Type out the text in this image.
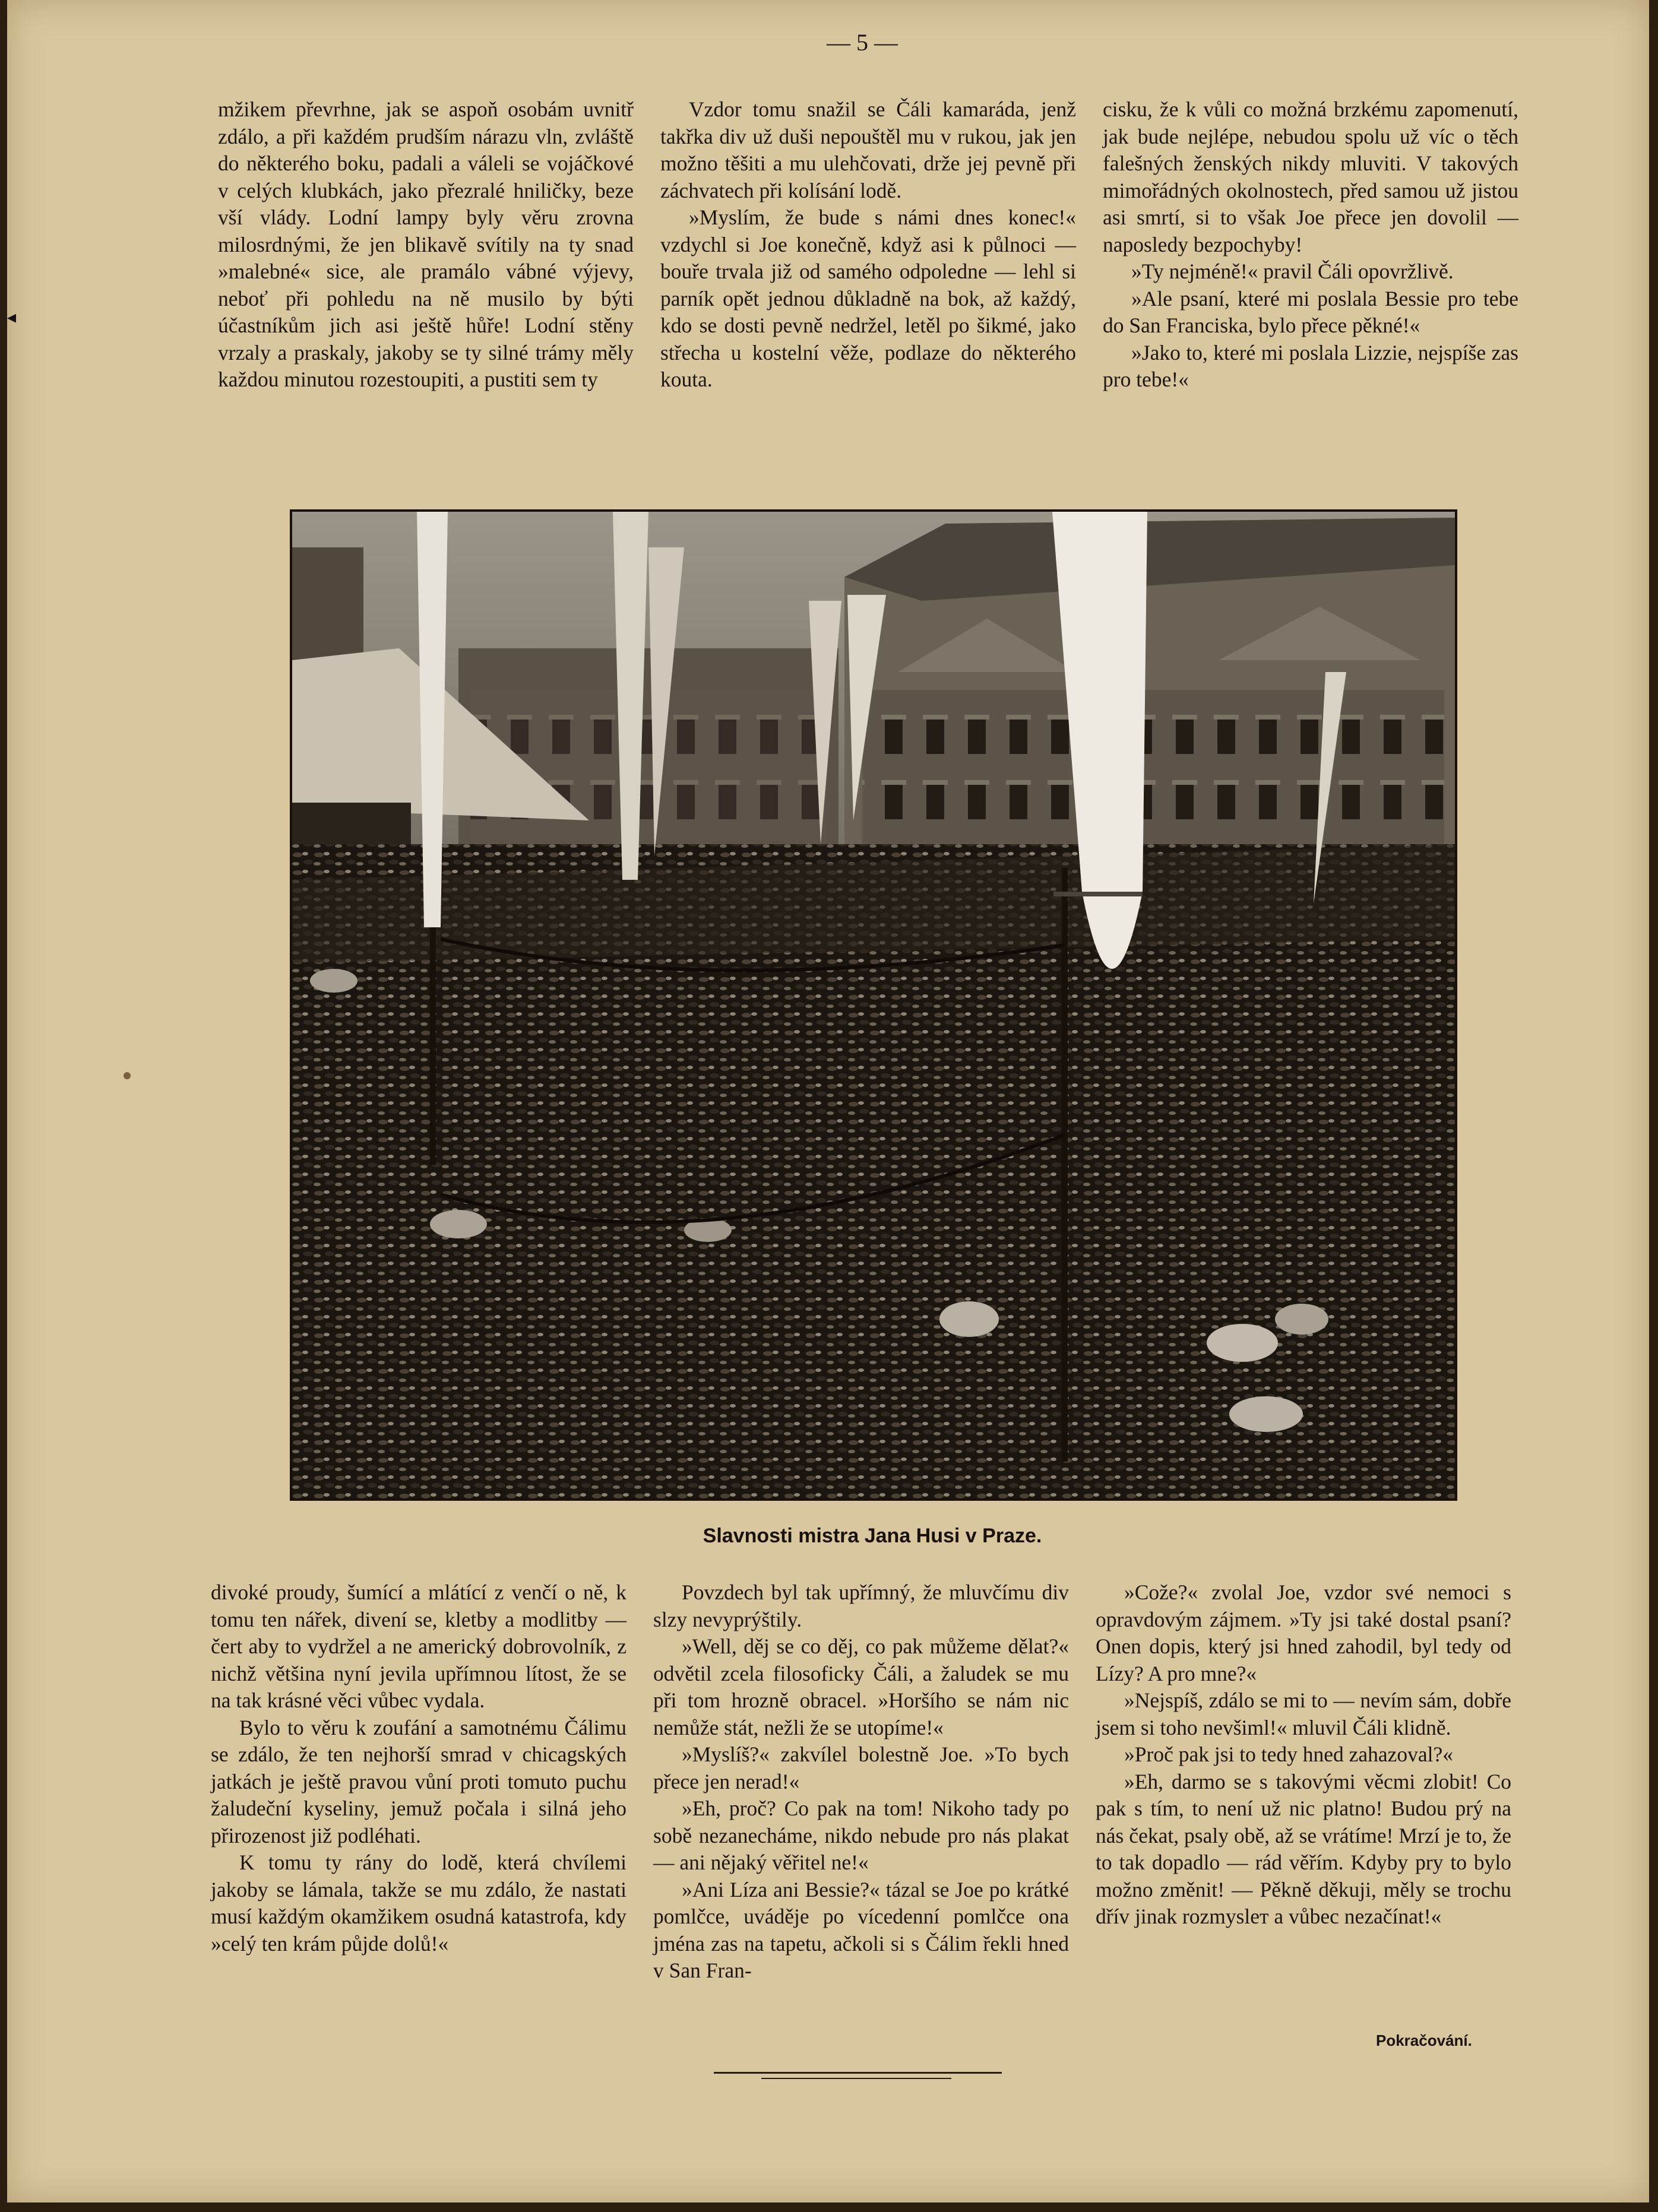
◂
— 5 —

mžikem převrhne, jak se aspoň osobám uvnitř zdálo, a při každém prudším nárazu vln, zvláště do některého boku, padali a váleli se vojáčkové v celých klubkách, jako přezralé hniličky, beze vší vlády. Lodní lampy byly věru zrovna milosrdnými, že jen blikavě svítily na ty snad »malebné« sice, ale pramálo vábné výjevy, neboť při pohledu na ně musilo by býti účastníkům jich asi ještě hůře! Lodní stěny vrzaly a praskaly, jakoby se ty silné trámy měly každou minutou rozestoupiti, a pustiti sem ty

Vzdor tomu snažil se Čáli kamaráda, jenž takřka div už duši nepouštěl mu v rukou, jak jen možno těšiti a mu ulehčovati, drže jej pevně při záchvatech při kolísání lodě.

»Myslím, že bude s námi dnes konec!« vzdychl si Joe konečně, když asi k půlnoci — bouře trvala již od samého odpoledne — lehl si parník opět jednou důkladně na bok, až každý, kdo se dosti pevně nedržel, letěl po šikmé, jako střecha u kostelní věže, podlaze do některého kouta.

cisku, že k vůli co možná brzkému zapomenutí, jak bude nejlépe, nebudou spolu už víc o těch falešných ženských nikdy mluviti. V takových mimořádných okolnostech, před samou už jistou asi smrtí, si to však Joe přece jen dovolil — naposledy bezpochyby!

»Ty nejméně!« pravil Čáli opovržlivě.

»Ale psaní, které mi poslala Bessie pro tebe do San Franciska, bylo přece pěkné!«

»Jako to, které mi poslala Lizzie, nejspíše zas pro tebe!«

Slavnosti mistra Jana Husi v Praze.

divoké proudy, šumící a mlátící z venčí o ně, k tomu ten nářek, divení se, kletby a modlitby — čert aby to vydržel a ne americký dobrovolník, z nichž většina nyní jevila upřímnou lítost, že se na tak krásné věci vůbec vydala.

Bylo to věru k zoufání a samotnému Čálimu se zdálo, že ten nejhorší smrad v chicagských jatkách je ještě pravou vůní proti tomuto puchu žaludeční kyseliny, jemuž počala i silná jeho přirozenost již podléhati.

K tomu ty rány do lodě, která chvílemi jakoby se lámala, takže se mu zdálo, že nastati musí každým okamžikem osudná katastrofa, kdy »celý ten krám půjde dolů!«

Povzdech byl tak upřímný, že mluvčímu div slzy nevyprýštily.

»Well, děj se co děj, co pak můžeme dělat?« odvětil zcela filosoficky Čáli, a žaludek se mu při tom hrozně obracel. »Horšího se nám nic nemůže stát, nežli že se utopíme!«

»Myslíš?« zakvílel bolestně Joe. »To bych přece jen nerad!«

»Eh, proč? Co pak na tom! Nikoho tady po sobě nezanecháme, nikdo nebude pro nás plakat — ani nějaký věřitel ne!«

»Ani Líza ani Bessie?« tázal se Joe po krátké pomlčce, uváděje po vícedenní pomlčce ona jména zas na tapetu, ačkoli si s Čálim řekli hned v San Fran-

»Cože?« zvolal Joe, vzdor své nemoci s opravdovým zájmem. »Ty jsi také dostal psaní? Onen dopis, který jsi hned zahodil, byl tedy od Lízy? A pro mne?«

»Nejspíš, zdálo se mi to — nevím sám, dobře jsem si toho nevšiml!« mluvil Čáli klidně.

»Proč pak jsi to tedy hned zahazoval?«

»Eh, darmo se s takovými věcmi zlobit! Co pak s tím, to není už nic platno! Budou prý na nás čekat, psaly obě, až se vrátíme! Mrzí je to, že to tak dopadlo — rád věřím. Kdyby pry to bylo možno změnit! — Pěkně děkuji, měly se trochu dřív jinak rozmysleт a vůbec nezačínat!«

Pokračování.
